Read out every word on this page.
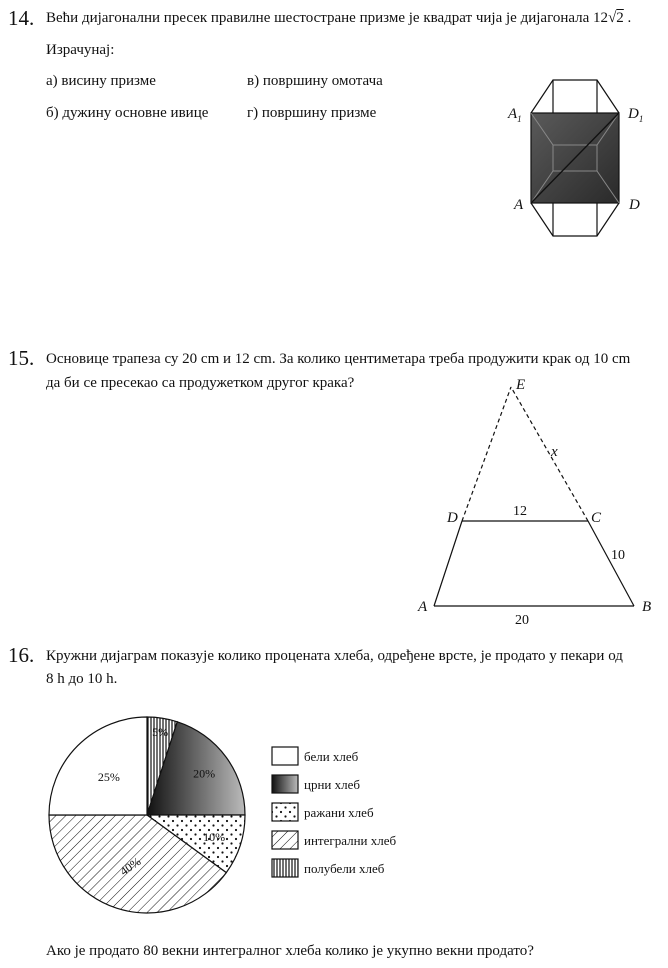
14. Већи дијагонални пресек правилне шестостране призме је квадрат чија је дијагонала 12√2 .
Израчунај:
а) висину призме	в) површину омотача
б) дужину основне ивице	г) површину призме	$A_1$	$D_1$
A	D
15. Основице трапеза су 20 cm и 12 cm. За колико центиметара треба продужити крак од 10 cm
да би се пресекао са продужетком другог крака?	E
x
D	C
A	B
12
10
20
16. Кружни дијаграм показује колико процената хлеба, одређене врсте, је продато у пекари од
8 h до 10 h.
5%
20%
10%
40%
25%
бели хлеб
црни хлеб
ражани хлеб
интегрални хлеб
полубели хлеб
Ако је продато 80 векни интегралног хлеба колико је укупно векни продато?
